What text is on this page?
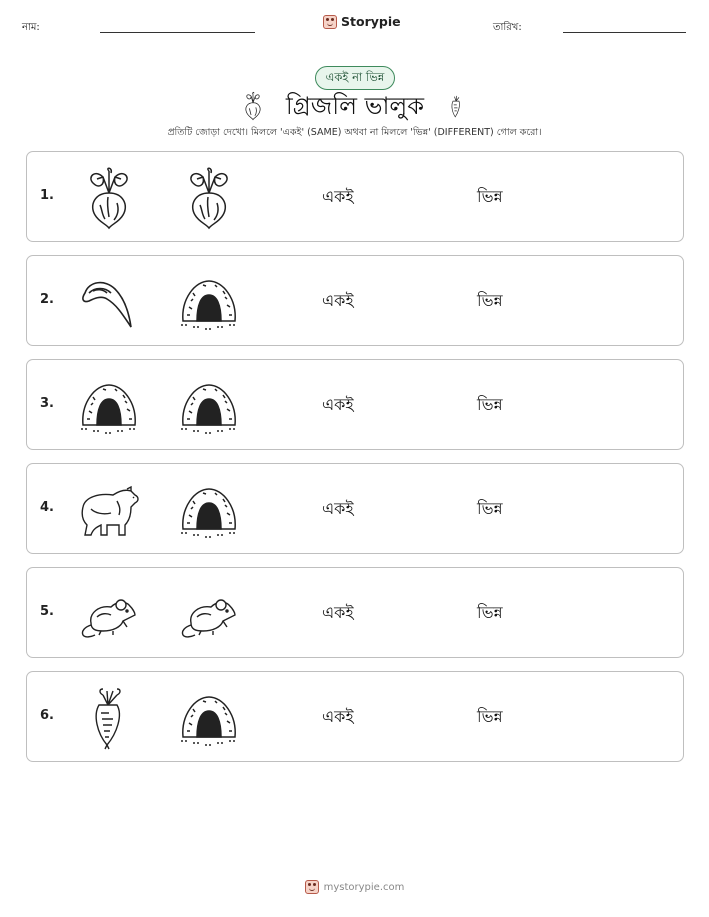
নাম:	Storypie	তারিখ:
একই না ভিন্ন
গ্রিজলি ভালুক
প্রতিটি জোড়া দেখো। মিললে 'একই' (SAME) অথবা না মিললে 'ভিন্ন' (DIFFERENT) গোল করো।
1.	একই	ভিন্ন
2.	একই	ভিন্ন
3.	একই	ভিন্ন
4.	একই	ভিন্ন
5.	একই	ভিন্ন
6.	একই	ভিন্ন
mystorypie.com
